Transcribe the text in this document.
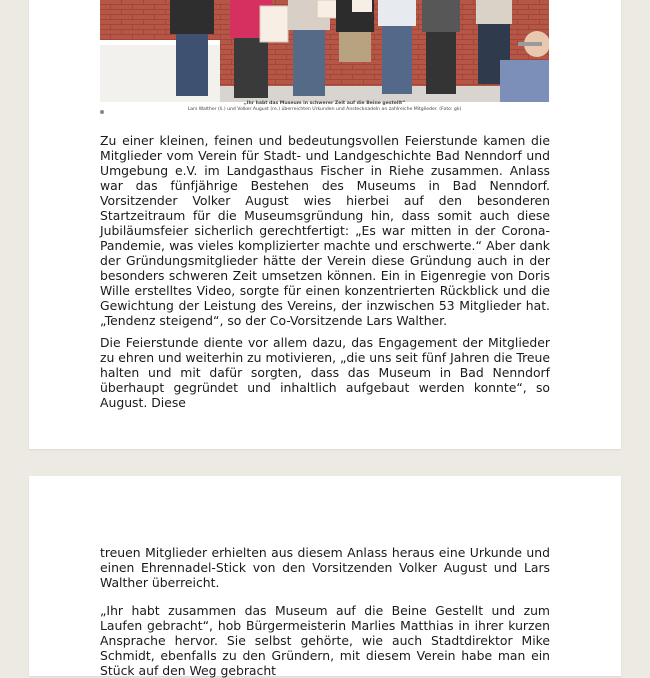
„Ihr habt das Museum in schwerer Zeit auf die Beine gestellt“
Lars Walther (li.) und Volker August (re.) überreichten Urkunden und Anstecknadeln an zahlreiche Mitglieder. (Foto: gk)

Zu einer kleinen, feinen und bedeutungsvollen Feierstunde kamen die Mitglieder vom Verein für Stadt- und Landgeschichte Bad Nenndorf und Umgebung e.V. im Landgasthaus Fischer in Riehe zusammen. Anlass war das fünfjährige Bestehen des Museums in Bad Nenndorf. Vorsitzender Volker August wies hierbei auf den besonderen Startzeitraum für die Museumsgründung hin, dass somit auch diese Jubiläumsfeier sicherlich gerechtfertigt: „Es war mitten in der Corona-Pandemie, was vieles komplizierter machte und erschwerte.“ Aber dank der Gründungsmitglieder hätte der Verein diese Gründung auch in der besonders schweren Zeit umsetzen können. Ein in Eigenregie von Doris Wille erstelltes Video, sorgte für einen konzentrierten Rückblick und die Gewichtung der Leistung des Vereins, der inzwischen 53 Mitglieder hat. „Tendenz steigend“, so der Co-Vorsitzende Lars Walther.

Die Feierstunde diente vor allem dazu, das Engagement der Mitglieder zu ehren und weiterhin zu motivieren, „die uns seit fünf Jahren die Treue halten und mit dafür sorgten, dass das Museum in Bad Nenndorf überhaupt gegründet und inhaltlich aufgebaut werden konnte“, so August. Diese

treuen Mitglieder erhielten aus diesem Anlass heraus eine Urkunde und einen Ehrennadel-Stick von den Vorsitzenden Volker August und Lars Walther überreicht.

„Ihr habt zusammen das Museum auf die Beine Gestellt und zum Laufen gebracht“, hob Bürgermeisterin Marlies Matthias in ihrer kurzen Ansprache hervor. Sie selbst gehörte, wie auch Stadtdirektor Mike Schmidt, ebenfalls zu den Gründern, mit diesem Verein habe man ein Stück auf den Weg gebracht
